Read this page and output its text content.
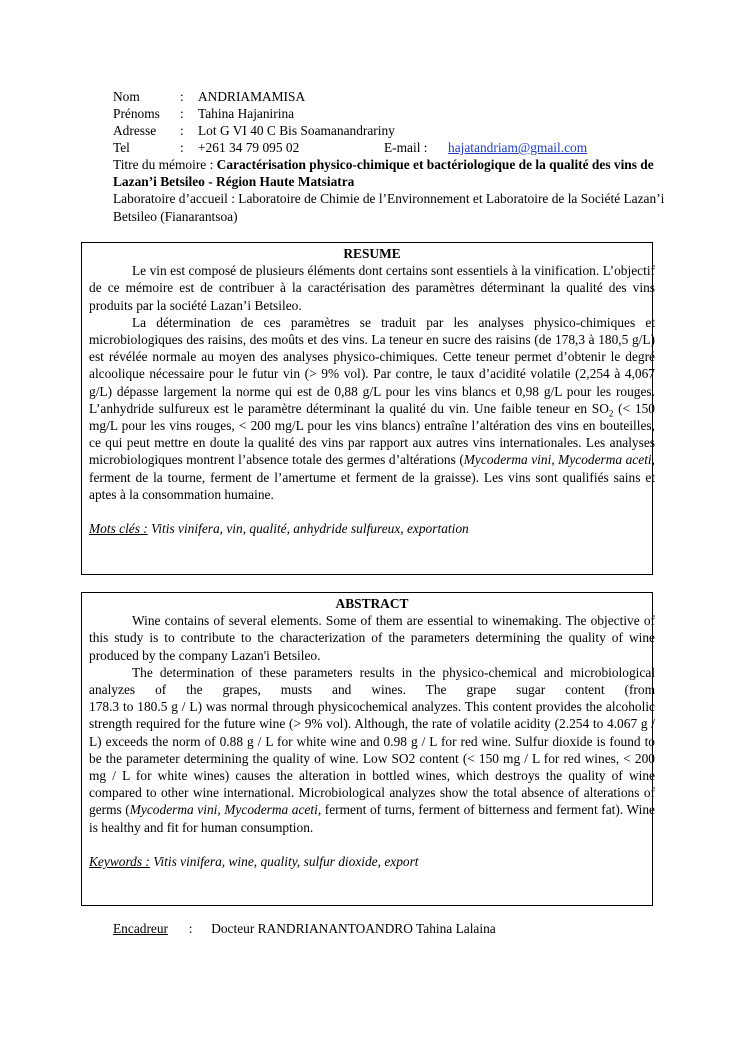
Nom	:	ANDRIAMAMISA
Prénoms	:	Tahina Hajanirina
Adresse	:	Lot G VI 40 C Bis Soamanandrariny
Tel	:	+261 34 79 095 02	E-mail :	hajatandriam@gmail.com

Titre du mémoire : Caractérisation physico-chimique et bactériologique de la qualité des vins de Lazan’i Betsileo - Région Haute Matsiatra

Laboratoire d’accueil : Laboratoire de Chimie de l’Environnement et Laboratoire de la Société Lazan’i Betsileo (Fianarantsoa)

RESUME

Le vin est composé de plusieurs éléments dont certains sont essentiels à la vinification. L’objectif de ce mémoire est de contribuer à la caractérisation des paramètres déterminant la qualité des vins produits par la société Lazan’i Betsileo.

La détermination de ces paramètres se traduit par les analyses physico-chimiques et microbiologiques des raisins, des moûts et des vins. La teneur en sucre des raisins (de 178,3 à 180,5 g/L) est révélée normale au moyen des analyses physico-chimiques. Cette teneur permet d’obtenir le degré alcoolique nécessaire pour le futur vin (> 9% vol). Par contre, le taux d’acidité volatile (2,254 à 4,067 g/L) dépasse largement la norme qui est de 0,88 g/L pour les vins blancs et 0,98 g/L pour les rouges. L’anhydride sulfureux est le paramètre déterminant la qualité du vin. Une faible teneur en $SO_2$ (< 150 mg/L pour les vins rouges, < 200 mg/L pour les vins blancs) entraîne l’altération des vins en bouteilles, ce qui peut mettre en doute la qualité des vins par rapport aux autres vins internationales. Les analyses microbiologiques montrent l’absence totale des germes d’altérations (Mycoderma vini, Mycoderma aceti, ferment de la tourne, ferment de l’amertume et ferment de la graisse). Les vins sont qualifiés sains et aptes à la consommation humaine.

Mots clés : Vitis vinifera, vin, qualité, anhydride sulfureux, exportation

ABSTRACT

Wine contains of several elements. Some of them are essential to winemaking. The objective of this study is to contribute to the characterization of the parameters determining the quality of wine produced by the company Lazan'i Betsileo.

The determination of these parameters results in the physico-chemical and microbiological analyzes of the grapes, musts and wines. The grape sugar content (from

178.3 to 180.5 g / L) was normal through physicochemical analyzes. This content provides the alcoholic strength required for the future wine (> 9% vol). Although, the rate of volatile acidity (2.254 to 4.067 g / L) exceeds the norm of 0.88 g / L for white wine and 0.98 g / L for red wine. Sulfur dioxide is found to be the parameter determining the quality of wine. Low SO2 content (< 150 mg / L for red wines, < 200 mg / L for white wines) causes the alteration in bottled wines, which destroys the quality of wine compared to other wine international. Microbiological analyzes show the total absence of alterations of germs (Mycoderma vini, Mycoderma aceti, ferment of turns, ferment of bitterness and ferment fat). Wine is healthy and fit for human consumption.

Keywords : Vitis vinifera, wine, quality, sulfur dioxide, export

Encadreur : Docteur RANDRIANANTOANDRO Tahina Lalaina
